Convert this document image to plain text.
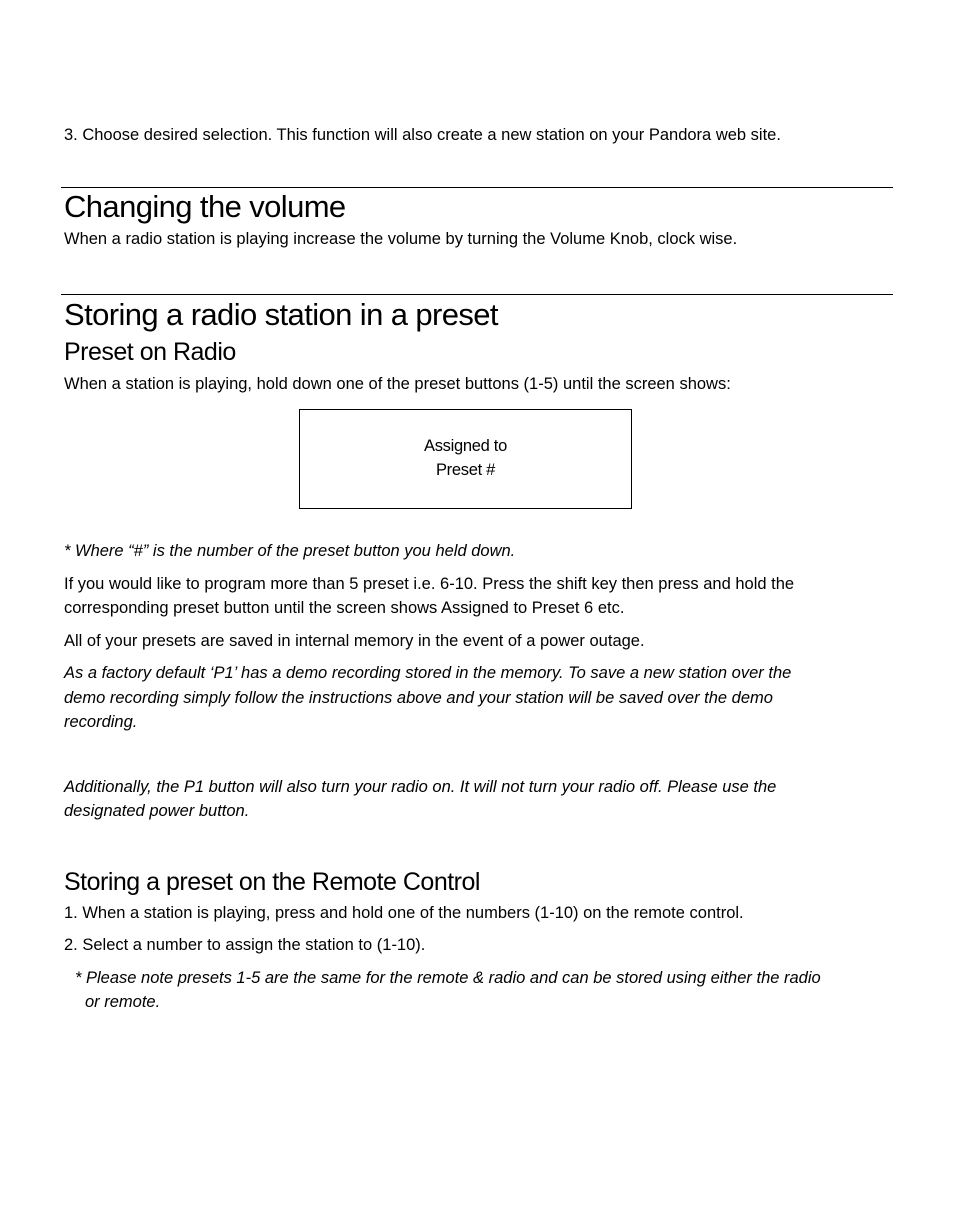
3. Choose desired selection. This function will also create a new station on your Pandora web site.

Changing the volume

When a radio station is playing increase the volume by turning the Volume Knob, clock wise.

Storing a radio station in a preset
Preset on Radio

When a station is playing, hold down one of the preset buttons (1-5) until the screen shows:

Assigned to
Preset #

* Where “#” is the number of the preset button you held down.

If you would like to program more than 5 preset i.e. 6-10. Press the shift key then press and hold the

corresponding preset button until the screen shows Assigned to Preset 6 etc.

All of your presets are saved in internal memory in the event of a power outage.

As a factory default ‘P1’ has a demo recording stored in the memory. To save a new station over the

demo recording simply follow the instructions above and your station will be saved over the demo

recording.

Additionally, the P1 button will also turn your radio on. It will not turn your radio off. Please use the

designated power button.

Storing a preset on the Remote Control

1. When a station is playing, press and hold one of the numbers (1-10) on the remote control.

2. Select a number to assign the station to (1-10).

* Please note presets 1-5 are the same for the remote & radio and can be stored using either the radio

or remote.
